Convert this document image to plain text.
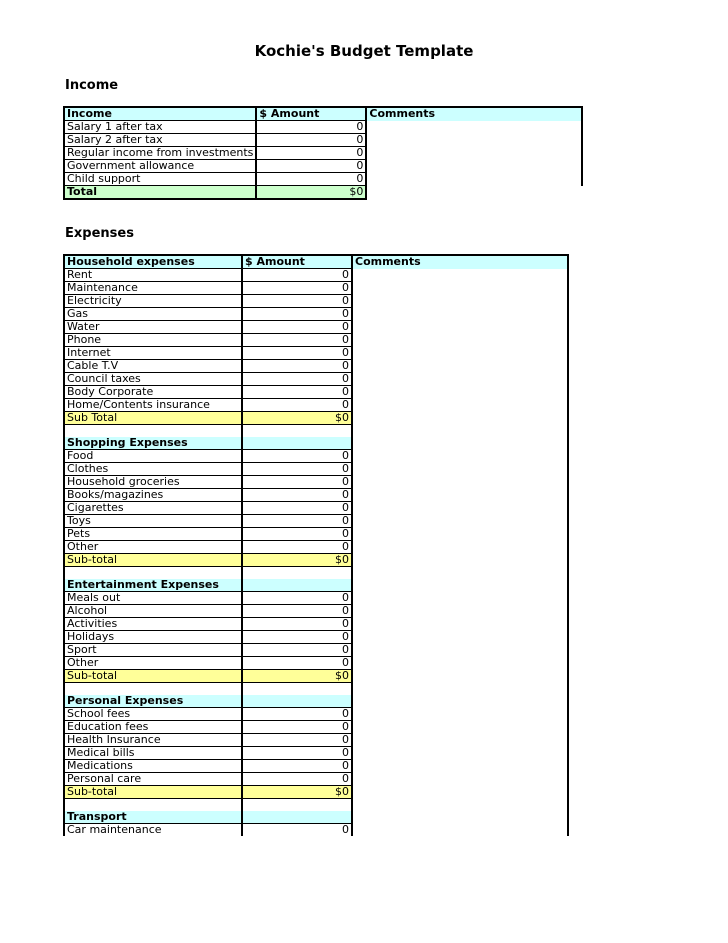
Kochie's Budget Template
Income
Income	$ Amount	Comments
Salary 1 after tax	0	
Salary 2 after tax	0	
Regular income from investments	0	
Government allowance	0	
Child support	0	
Total	$0	
Expenses
Household expenses	$ Amount	Comments
Rent	0	
Maintenance	0	
Electricity	0	
Gas	0	
Water	0	
Phone	0	
Internet	0	
Cable T.V	0	
Council taxes	0	
Body Corporate	0	
Home/Contents insurance	0	
Sub Total	$0	

Shopping Expenses		
Food	0	
Clothes	0	
Household groceries	0	
Books/magazines	0	
Cigarettes	0	
Toys	0	
Pets	0	
Other	0	
Sub-total	$0	

Entertainment Expenses		
Meals out	0	
Alcohol	0	
Activities	0	
Holidays	0	
Sport	0	
Other	0	
Sub-total	$0	

Personal Expenses		
School fees	0	
Education fees	0	
Health Insurance	0	
Medical bills	0	
Medications	0	
Personal care	0	
Sub-total	$0	

Transport		
Car maintenance	0	
